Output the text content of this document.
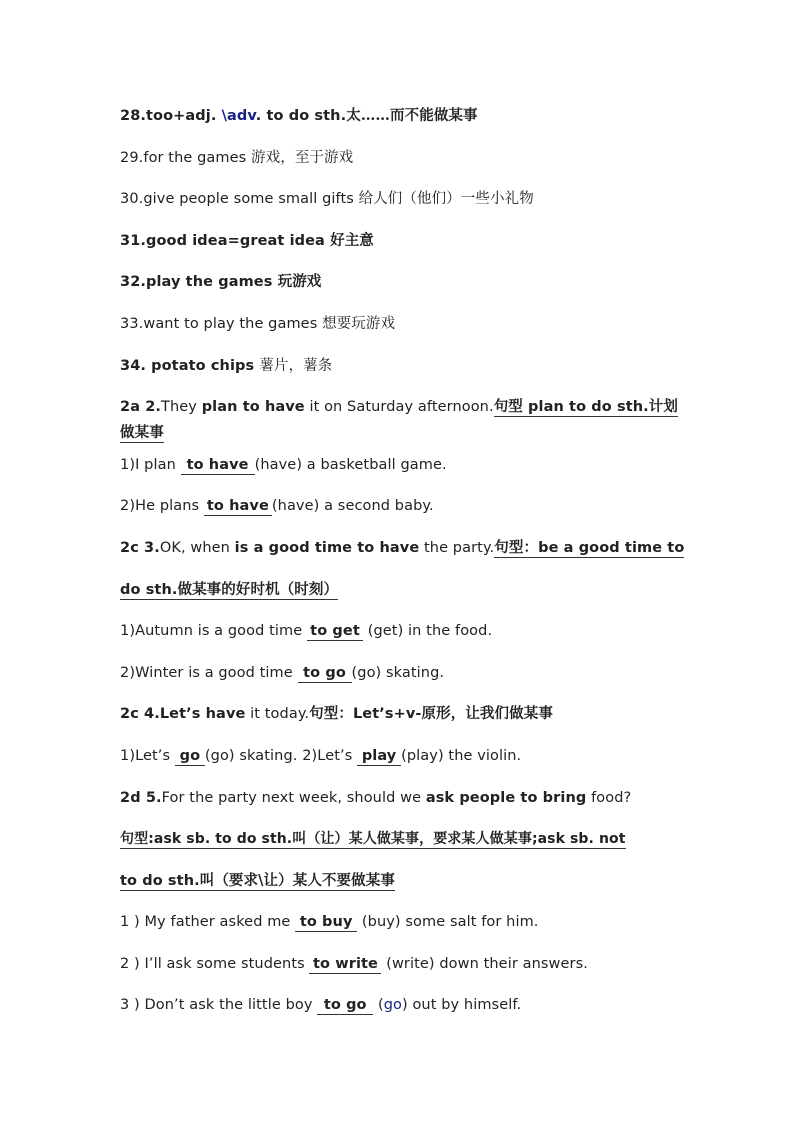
28.too+adj. \adv. to do sth.太……而不能做某事
29.for the games 游戏，至于游戏
30.give people some small gifts 给人们（他们）一些小礼物
31.good idea=great idea 好主意
32.play the games 玩游戏
33.want to play the games 想要玩游戏
34. potato chips 薯片，薯条
2a 2.They plan to have it on Saturday afternoon.句型 plan to do sth.计划
做某事
1)I plan to have (have) a basketball game.
2)He plans to have (have) a second baby.
2c 3.OK, when is a good time to have the party.句型：be a good time to
do sth.做某事的好时机（时刻）
1)Autumn is a good time to get (get) in the food.
2)Winter is a good time to go (go) skating.
2c 4.Let’s have it today.句型：Let’s+v-原形，让我们做某事
1)Let’s go (go) skating. 2)Let’s play (play) the violin.
2d 5.For the party next week, should we ask people to bring food?
句型:ask sb. to do sth.叫（让）某人做某事，要求某人做某事;ask sb. not
to do sth.叫（要求\让）某人不要做某事
1 ) My father asked me to buy (buy) some salt for him.
2 ) I’ll ask some students to write (write) down their answers.
3 ) Don’t ask the little boy to go (go) out by himself.
